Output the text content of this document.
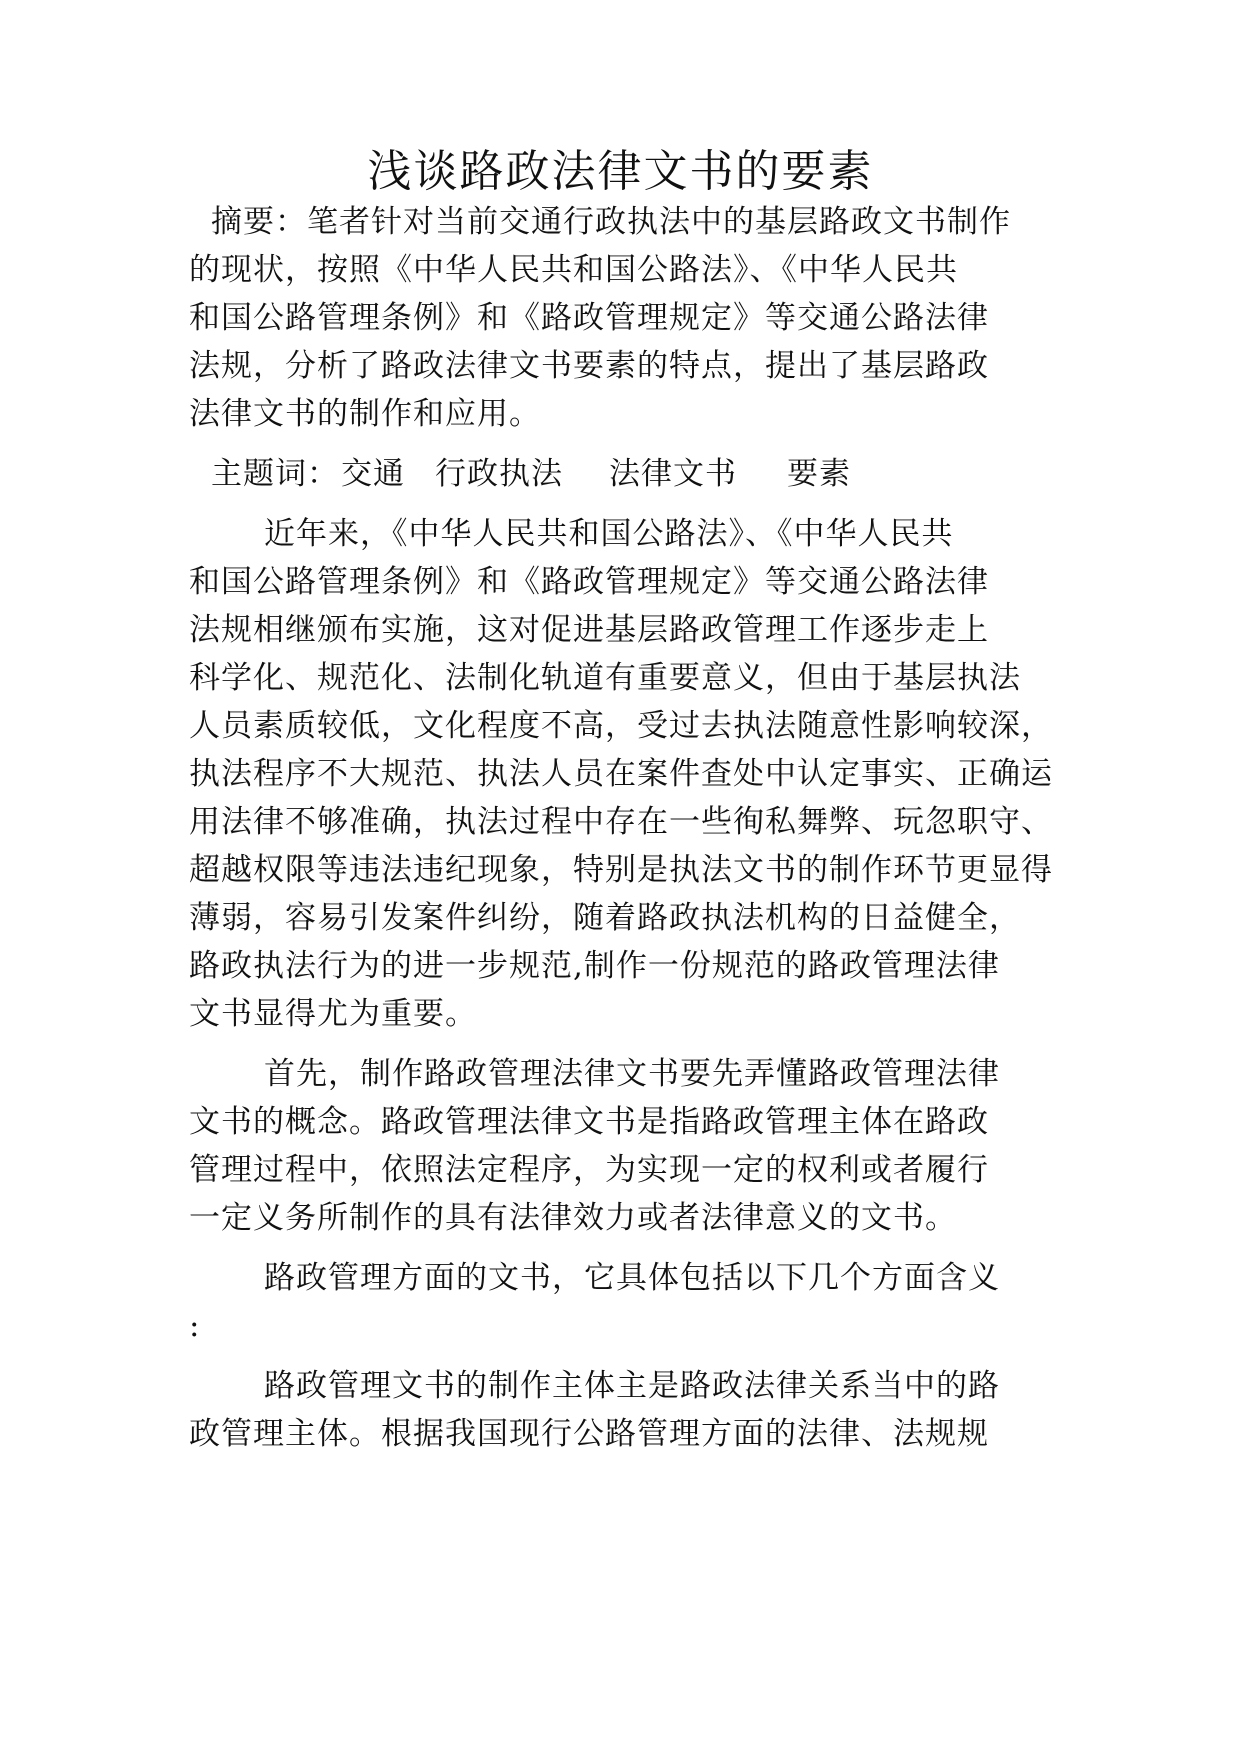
浅谈路政法律文书的要素
摘要：笔者针对当前交通行政执法中的基层路政文书制作
的现状，按照《中华人民共和国公路法》、《中华人民共
和国公路管理条例》和《路政管理规定》等交通公路法律
法规，分析了路政法律文书要素的特点，提出了基层路政
法律文书的制作和应用。
主题词：交通 行政执法 法律文书 要素
近年来，《中华人民共和国公路法》、《中华人民共
和国公路管理条例》和《路政管理规定》等交通公路法律
法规相继颁布实施，这对促进基层路政管理工作逐步走上
科学化、规范化、法制化轨道有重要意义，但由于基层执法
人员素质较低，文化程度不高，受过去执法随意性影响较深，
执法程序不大规范、执法人员在案件查处中认定事实、正确运
用法律不够准确，执法过程中存在一些徇私舞弊、玩忽职守、
超越权限等违法违纪现象，特别是执法文书的制作环节更显得
薄弱，容易引发案件纠纷，随着路政执法机构的日益健全，
路政执法行为的进一步规范,制作一份规范的路政管理法律
文书显得尤为重要。
首先，制作路政管理法律文书要先弄懂路政管理法律
文书的概念。路政管理法律文书是指路政管理主体在路政
管理过程中，依照法定程序，为实现一定的权利或者履行
一定义务所制作的具有法律效力或者法律意义的文书。
路政管理方面的文书，它具体包括以下几个方面含义
:
路政管理文书的制作主体主是路政法律关系当中的路
政管理主体。根据我国现行公路管理方面的法律、法规规
